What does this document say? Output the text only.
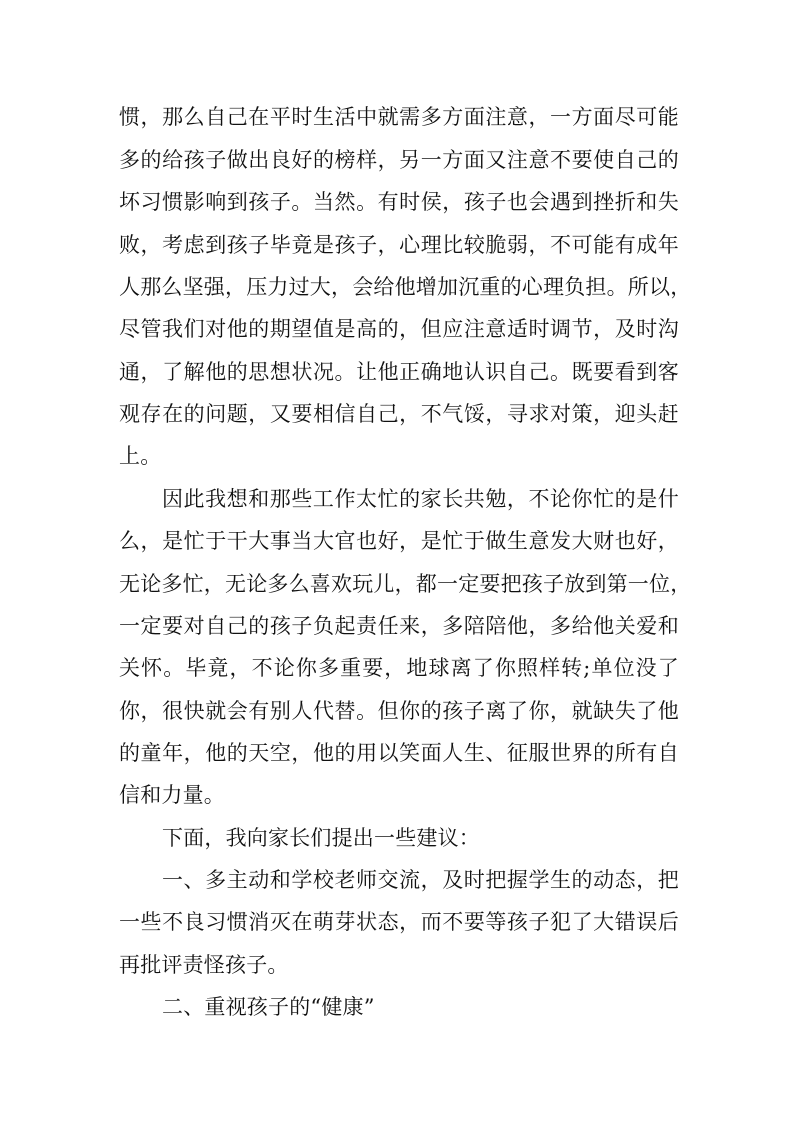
惯，那么自己在平时生活中就需多方面注意，一方面尽可能
多的给孩子做出良好的榜样，另一方面又注意不要使自己的
坏习惯影响到孩子。当然。有时侯，孩子也会遇到挫折和失
败，考虑到孩子毕竟是孩子，心理比较脆弱，不可能有成年
人那么坚强，压力过大，会给他增加沉重的心理负担。所以，
尽管我们对他的期望值是高的，但应注意适时调节，及时沟
通，了解他的思想状况。让他正确地认识自己。既要看到客
观存在的问题，又要相信自己，不气馁，寻求对策，迎头赶
上。
因此我想和那些工作太忙的家长共勉，不论你忙的是什
么，是忙于干大事当大官也好，是忙于做生意发大财也好，
无论多忙，无论多么喜欢玩儿，都一定要把孩子放到第一位，
一定要对自己的孩子负起责任来，多陪陪他，多给他关爱和
关怀。毕竟，不论你多重要，地球离了你照样转;单位没了
你，很快就会有别人代替。但你的孩子离了你，就缺失了他
的童年，他的天空，他的用以笑面人生、征服世界的所有自
信和力量。
下面，我向家长们提出一些建议：
一、多主动和学校老师交流，及时把握学生的动态，把
一些不良习惯消灭在萌芽状态，而不要等孩子犯了大错误后
再批评责怪孩子。
二、重视孩子的“健康”
